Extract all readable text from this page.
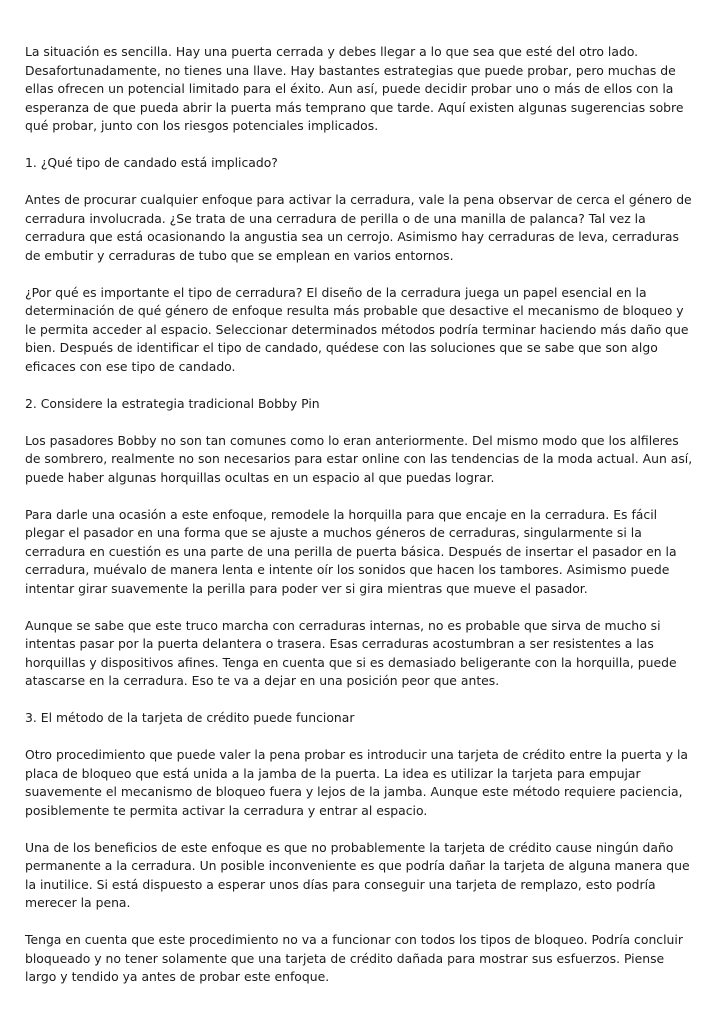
La situación es sencilla. Hay una puerta cerrada y debes llegar a lo que sea que esté del otro lado. Desafortunadamente, no tienes una llave. Hay bastantes estrategias que puede probar, pero muchas de ellas ofrecen un potencial limitado para el éxito. Aun así, puede decidir probar uno o más de ellos con la esperanza de que pueda abrir la puerta más temprano que tarde. Aquí existen algunas sugerencias sobre qué probar, junto con los riesgos potenciales implicados.

1. ¿Qué tipo de candado está implicado?

Antes de procurar cualquier enfoque para activar la cerradura, vale la pena observar de cerca el género de cerradura involucrada. ¿Se trata de una cerradura de perilla o de una manilla de palanca? Tal vez la cerradura que está ocasionando la angustia sea un cerrojo. Asimismo hay cerraduras de leva, cerraduras de embutir y cerraduras de tubo que se emplean en varios entornos.

¿Por qué es importante el tipo de cerradura? El diseño de la cerradura juega un papel esencial en la determinación de qué género de enfoque resulta más probable que desactive el mecanismo de bloqueo y le permita acceder al espacio. Seleccionar determinados métodos podría terminar haciendo más daño que bien. Después de identificar el tipo de candado, quédese con las soluciones que se sabe que son algo eficaces con ese tipo de candado.

2. Considere la estrategia tradicional Bobby Pin

Los pasadores Bobby no son tan comunes como lo eran anteriormente. Del mismo modo que los alfileres de sombrero, realmente no son necesarios para estar online con las tendencias de la moda actual. Aun así, puede haber algunas horquillas ocultas en un espacio al que puedas lograr.

Para darle una ocasión a este enfoque, remodele la horquilla para que encaje en la cerradura. Es fácil plegar el pasador en una forma que se ajuste a muchos géneros de cerraduras, singularmente si la cerradura en cuestión es una parte de una perilla de puerta básica. Después de insertar el pasador en la cerradura, muévalo de manera lenta e intente oír los sonidos que hacen los tambores. Asimismo puede intentar girar suavemente la perilla para poder ver si gira mientras que mueve el pasador.

Aunque se sabe que este truco marcha con cerraduras internas, no es probable que sirva de mucho si intentas pasar por la puerta delantera o trasera. Esas cerraduras acostumbran a ser resistentes a las horquillas y dispositivos afines. Tenga en cuenta que si es demasiado beligerante con la horquilla, puede atascarse en la cerradura. Eso te va a dejar en una posición peor que antes.

3. El método de la tarjeta de crédito puede funcionar

Otro procedimiento que puede valer la pena probar es introducir una tarjeta de crédito entre la puerta y la placa de bloqueo que está unida a la jamba de la puerta. La idea es utilizar la tarjeta para empujar suavemente el mecanismo de bloqueo fuera y lejos de la jamba. Aunque este método requiere paciencia, posiblemente te permita activar la cerradura y entrar al espacio.

Una de los beneficios de este enfoque es que no probablemente la tarjeta de crédito cause ningún daño permanente a la cerradura. Un posible inconveniente es que podría dañar la tarjeta de alguna manera que la inutilice. Si está dispuesto a esperar unos días para conseguir una tarjeta de remplazo, esto podría merecer la pena.

Tenga en cuenta que este procedimiento no va a funcionar con todos los tipos de bloqueo. Podría concluir bloqueado y no tener solamente que una tarjeta de crédito dañada para mostrar sus esfuerzos. Piense largo y tendido ya antes de probar este enfoque.
